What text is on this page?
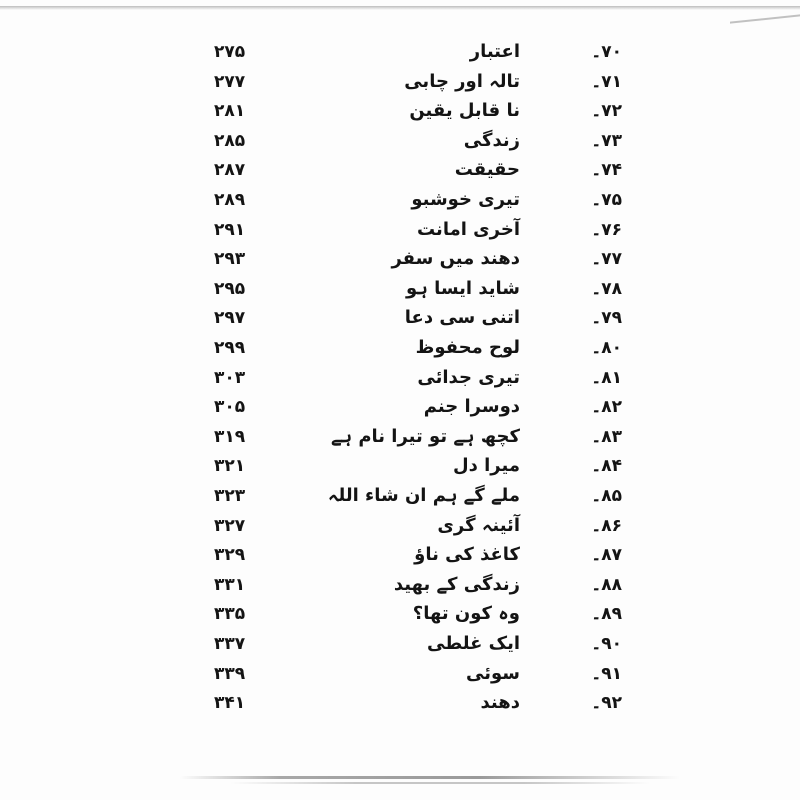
۲۷۵	اعتبار	۷۰۔
۲۷۷	تالہ اور چابی	۷۱۔
۲۸۱	نا قابل یقین	۷۲۔
۲۸۵	زندگی	۷۳۔
۲۸۷	حقیقت	۷۴۔
۲۸۹	تیری خوشبو	۷۵۔
۲۹۱	آخری امانت	۷۶۔
۲۹۳	دھند میں سفر	۷۷۔
۲۹۵	شاید ایسا ہو	۷۸۔
۲۹۷	اتنی سی دعا	۷۹۔
۲۹۹	لوح محفوظ	۸۰۔
۳۰۳	تیری جدائی	۸۱۔
۳۰۵	دوسرا جنم	۸۲۔
۳۱۹	کچھ ہے تو تیرا نام ہے	۸۳۔
۳۲۱	میرا دل	۸۴۔
۳۲۳	ملے گے ہم ان شاء اللہ	۸۵۔
۳۲۷	آئینہ گری	۸۶۔
۳۲۹	کاغذ کی ناؤ	۸۷۔
۳۳۱	زندگی کے بھید	۸۸۔
۳۳۵	وہ کون تھا؟	۸۹۔
۳۳۷	ایک غلطی	۹۰۔
۳۳۹	سوئی	۹۱۔
۳۴۱	دھند	۹۲۔
